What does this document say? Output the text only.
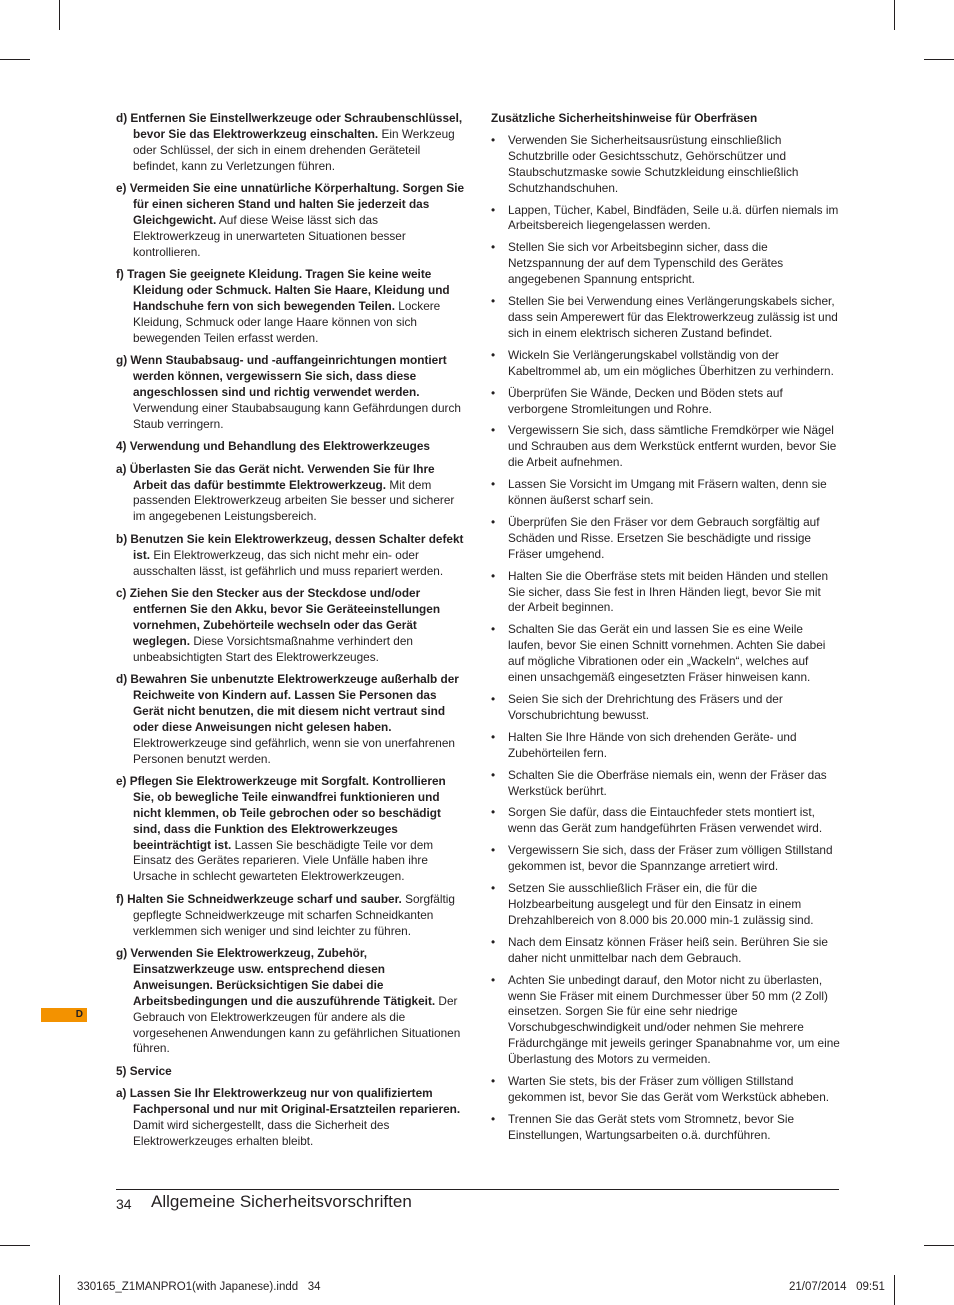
d) Entfernen Sie Einstellwerkzeuge oder Schraubenschlüssel, bevor Sie das Elektrowerkzeug einschalten. Ein Werkzeug oder Schlüssel, der sich in einem drehenden Geräteteil befindet, kann zu Verletzungen führen.
e) Vermeiden Sie eine unnatürliche Körperhaltung. Sorgen Sie für einen sicheren Stand und halten Sie jederzeit das Gleichgewicht. Auf diese Weise lässt sich das Elektrowerkzeug in unerwarteten Situationen besser kontrollieren.
f) Tragen Sie geeignete Kleidung. Tragen Sie keine weite Kleidung oder Schmuck. Halten Sie Haare, Kleidung und Handschuhe fern von sich bewegenden Teilen. Lockere Kleidung, Schmuck oder lange Haare können von sich bewegenden Teilen erfasst werden.
g) Wenn Staubabsaug- und -auffangeinrichtungen montiert werden können, vergewissern Sie sich, dass diese angeschlossen sind und richtig verwendet werden. Verwendung einer Staubabsaugung kann Gefährdungen durch Staub verringern.
4) Verwendung und Behandlung des Elektrowerkzeuges
a) Überlasten Sie das Gerät nicht. Verwenden Sie für Ihre Arbeit das dafür bestimmte Elektrowerkzeug. Mit dem passenden Elektrowerkzeug arbeiten Sie besser und sicherer im angegebenen Leistungsbereich.
b) Benutzen Sie kein Elektrowerkzeug, dessen Schalter defekt ist. Ein Elektrowerkzeug, das sich nicht mehr ein- oder ausschalten lässt, ist gefährlich und muss repariert werden.
c) Ziehen Sie den Stecker aus der Steckdose und/oder entfernen Sie den Akku, bevor Sie Geräteeinstellungen vornehmen, Zubehörteile wechseln oder das Gerät weglegen. Diese Vorsichtsmaßnahme verhindert den unbeabsichtigten Start des Elektrowerkzeuges.
d) Bewahren Sie unbenutzte Elektrowerkzeuge außerhalb der Reichweite von Kindern auf. Lassen Sie Personen das Gerät nicht benutzen, die mit diesem nicht vertraut sind oder diese Anweisungen nicht gelesen haben. Elektrowerkzeuge sind gefährlich, wenn sie von unerfahrenen Personen benutzt werden.
e) Pflegen Sie Elektrowerkzeuge mit Sorgfalt. Kontrollieren Sie, ob bewegliche Teile einwandfrei funktionieren und nicht klemmen, ob Teile gebrochen oder so beschädigt sind, dass die Funktion des Elektrowerkzeuges beeinträchtigt ist. Lassen Sie beschädigte Teile vor dem Einsatz des Gerätes reparieren. Viele Unfälle haben ihre Ursache in schlecht gewarteten Elektrowerkzeugen.
f) Halten Sie Schneidwerkzeuge scharf und sauber. Sorgfältig gepflegte Schneidwerkzeuge mit scharfen Schneidkanten verklemmen sich weniger und sind leichter zu führen.
g) Verwenden Sie Elektrowerkzeug, Zubehör, Einsatzwerkzeuge usw. entsprechend diesen Anweisungen. Berücksichtigen Sie dabei die Arbeitsbedingungen und die auszuführende Tätigkeit. Der Gebrauch von Elektrowerkzeugen für andere als die vorgesehenen Anwendungen kann zu gefährlichen Situationen führen.
5) Service
a) Lassen Sie Ihr Elektrowerkzeug nur von qualifiziertem Fachpersonal und nur mit Original-Ersatzteilen reparieren. Damit wird sichergestellt, dass die Sicherheit des Elektrowerkzeuges erhalten bleibt.
Zusätzliche Sicherheitshinweise für Oberfräsen
• Verwenden Sie Sicherheitsausrüstung einschließlich Schutzbrille oder Gesichtsschutz, Gehörschützer und Staubschutzmaske sowie Schutzkleidung einschließlich Schutzhandschuhen.
• Lappen, Tücher, Kabel, Bindfäden, Seile u.ä. dürfen niemals im Arbeitsbereich liegengelassen werden.
• Stellen Sie sich vor Arbeitsbeginn sicher, dass die Netzspannung der auf dem Typenschild des Gerätes angegebenen Spannung entspricht.
• Stellen Sie bei Verwendung eines Verlängerungskabels sicher, dass sein Amperewert für das Elektrowerkzeug zulässig ist und sich in einem elektrisch sicheren Zustand befindet.
• Wickeln Sie Verlängerungskabel vollständig von der Kabeltrommel ab, um ein mögliches Überhitzen zu verhindern.
• Überprüfen Sie Wände, Decken und Böden stets auf verborgene Stromleitungen und Rohre.
• Vergewissern Sie sich, dass sämtliche Fremdkörper wie Nägel und Schrauben aus dem Werkstück entfernt wurden, bevor Sie die Arbeit aufnehmen.
• Lassen Sie Vorsicht im Umgang mit Fräsern walten, denn sie können äußerst scharf sein.
• Überprüfen Sie den Fräser vor dem Gebrauch sorgfältig auf Schäden und Risse. Ersetzen Sie beschädigte und rissige Fräser umgehend.
• Halten Sie die Oberfräse stets mit beiden Händen und stellen Sie sicher, dass Sie fest in Ihren Händen liegt, bevor Sie mit der Arbeit beginnen.
• Schalten Sie das Gerät ein und lassen Sie es eine Weile laufen, bevor Sie einen Schnitt vornehmen. Achten Sie dabei auf mögliche Vibrationen oder ein „Wackeln“, welches auf einen unsachgemäß eingesetzten Fräser hinweisen kann.
• Seien Sie sich der Drehrichtung des Fräsers und der Vorschubrichtung bewusst.
• Halten Sie Ihre Hände von sich drehenden Geräte- und Zubehörteilen fern.
• Schalten Sie die Oberfräse niemals ein, wenn der Fräser das Werkstück berührt.
• Sorgen Sie dafür, dass die Eintauchfeder stets montiert ist, wenn das Gerät zum handgeführten Fräsen verwendet wird.
• Vergewissern Sie sich, dass der Fräser zum völligen Stillstand gekommen ist, bevor die Spannzange arretiert wird.
• Setzen Sie ausschließlich Fräser ein, die für die Holzbearbeitung ausgelegt und für den Einsatz in einem Drehzahlbereich von 8.000 bis 20.000 min-1 zulässig sind.
• Nach dem Einsatz können Fräser heiß sein. Berühren Sie sie daher nicht unmittelbar nach dem Gebrauch.
• Achten Sie unbedingt darauf, den Motor nicht zu überlasten, wenn Sie Fräser mit einem Durchmesser über 50 mm (2 Zoll) einsetzen. Sorgen Sie für eine sehr niedrige Vorschubgeschwindigkeit und/oder nehmen Sie mehrere Frädurchgänge mit jeweils geringer Spanabnahme vor, um eine Überlastung des Motors zu vermeiden.
• Warten Sie stets, bis der Fräser zum völligen Stillstand gekommen ist, bevor Sie das Gerät vom Werkstück abheben.
• Trennen Sie das Gerät stets vom Stromnetz, bevor Sie Einstellungen, Wartungsarbeiten o.ä. durchführen.
D
34 Allgemeine Sicherheitsvorschriften
330165_Z1MANPRO1(with Japanese).indd   34	21/07/2014   09:51
